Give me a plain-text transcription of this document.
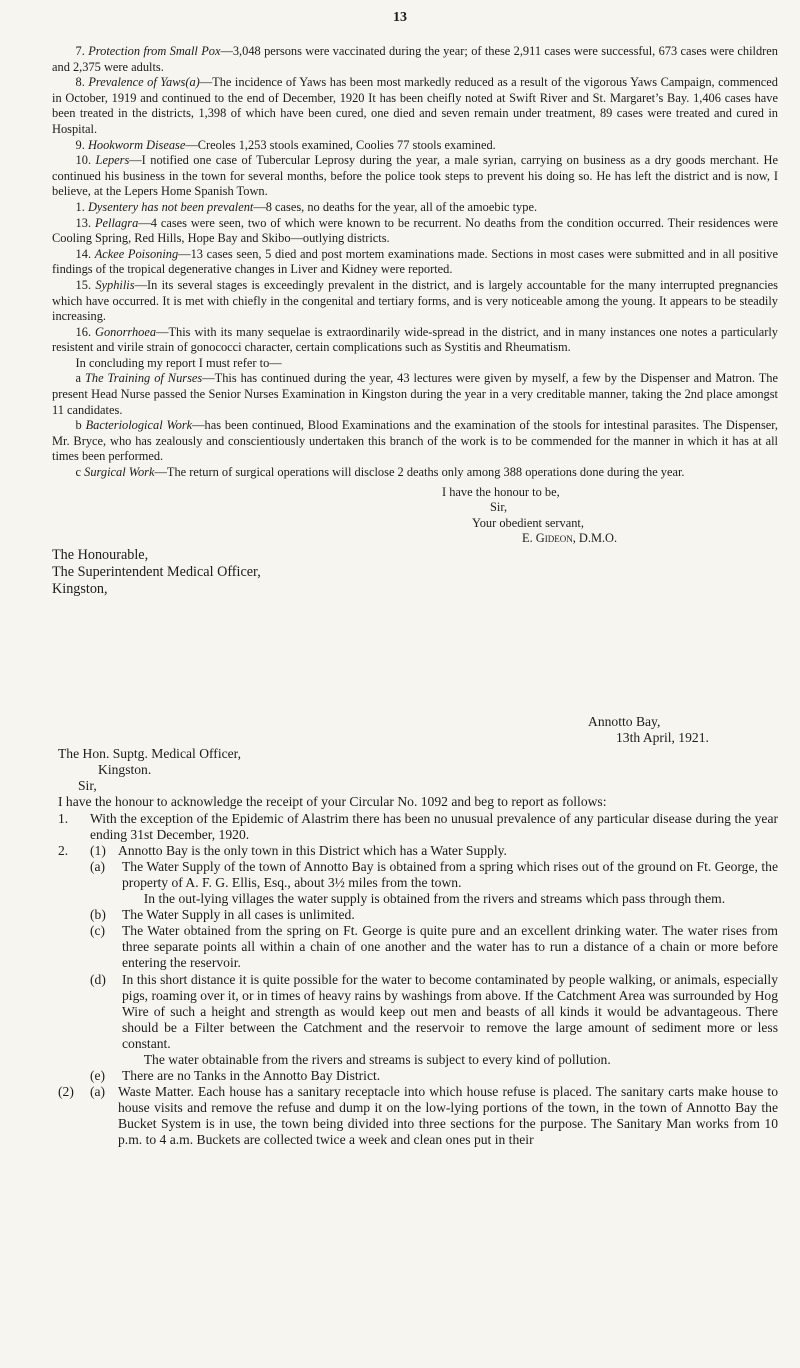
13

7. Protection from Small Pox—3,048 persons were vaccinated during the year; of these 2,911 cases were successful, 673 cases were children and 2,375 were adults.

8. Prevalence of Yaws(a)—The incidence of Yaws has been most markedly reduced as a result of the vigorous Yaws Campaign, commenced in October, 1919 and continued to the end of December, 1920 It has been cheifly noted at Swift River and St. Margaret’s Bay. 1,406 cases have been treated in the districts, 1,398 of which have been cured, one died and seven remain under treatment, 89 cases were treated and cured in Hospital.

9. Hookworm Disease—Creoles 1,253 stools examined, Coolies 77 stools examined.

10. Lepers—I notified one case of Tubercular Leprosy during the year, a male syrian, carrying on business as a dry goods merchant. He continued his business in the town for several months, before the police took steps to prevent his doing so. He has left the district and is now, I believe, at the Lepers Home Spanish Town.

1. Dysentery has not been prevalent—8 cases, no deaths for the year, all of the amoebic type.

13. Pellagra—4 cases were seen, two of which were known to be recurrent. No deaths from the condition occurred. Their residences were Cooling Spring, Red Hills, Hope Bay and Skibo—outlying districts.

14. Ackee Poisoning—13 cases seen, 5 died and post mortem examinations made. Sections in most cases were submitted and in all positive findings of the tropical degenerative changes in Liver and Kidney were reported.

15. Syphilis—In its several stages is exceedingly prevalent in the district, and is largely accountable for the many interrupted pregnancies which have occurred. It is met with chiefly in the congenital and tertiary forms, and is very noticeable among the young. It appears to be steadily increasing.

16. Gonorrhoea—This with its many sequelae is extraordinarily wide-spread in the district, and in many instances one notes a particularly resistent and virile strain of gonococci character, certain complications such as Systitis and Rheumatism.

In concluding my report I must refer to—

a The Training of Nurses—This has continued during the year, 43 lectures were given by myself, a few by the Dispenser and Matron. The present Head Nurse passed the Senior Nurses Examination in Kingston during the year in a very creditable manner, taking the 2nd place amongst 11 candidates.

b Bacteriological Work—has been continued, Blood Examinations and the examination of the stools for intestinal parasites. The Dispenser, Mr. Bryce, who has zealously and conscientiously undertaken this branch of the work is to be commended for the manner in which it has at all times been performed.

c Surgical Work—The return of surgical operations will disclose 2 deaths only among 388 operations done during the year.

I have the honour to be,
Sir,
Your obedient servant,
E. Gideon, D.M.O.
The Honourable,
The Superintendent Medical Officer,
Kingston,
Annotto Bay,
13th April, 1921.
The Hon. Suptg. Medical Officer,
Kingston.
Sir,

I have the honour to acknowledge the receipt of your Circular No. 1092 and beg to report as follows:

1.	With the exception of the Epidemic of Alastrim there has been no unusual prevalence of any particular disease during the year ending 31st December, 1920.
2.	(1) Annotto Bay is the only town in this District which has a Water Supply.
(a)	The Water Supply of the town of Annotto Bay is obtained from a spring which rises out of the ground on Ft. George, the property of A. F. G. Ellis, Esq., about 3½ miles from the town.
In the out-lying villages the water supply is obtained from the rivers and streams which pass through them.
(b)	The Water Supply in all cases is unlimited.
(c)	The Water obtained from the spring on Ft. George is quite pure and an excellent drinking water. The water rises from three separate points all within a chain of one another and the water has to run a distance of a chain or more before entering the reservoir.
(d)	In this short distance it is quite possible for the water to become contaminated by people walking, or animals, especially pigs, roaming over it, or in times of heavy rains by washings from above. If the Catchment Area was surrounded by Hog Wire of such a height and strength as would keep out men and beasts of all kinds it would be advantageous. There should be a Filter between the Catchment and the reservoir to remove the large amount of sediment more or less constant.
The water obtainable from the rivers and streams is subject to every kind of pollution.
(e)	There are no Tanks in the Annotto Bay District.
(2)	(a) Waste Matter. Each house has a sanitary receptacle into which house refuse is placed. The sanitary carts make house to house visits and remove the refuse and dump it on the low-lying portions of the town, in the town of Annotto Bay the Bucket System is in use, the town being divided into three sections for the purpose. The Sanitary Man works from 10 p.m. to 4 a.m. Buckets are collected twice a week and clean ones put in their
